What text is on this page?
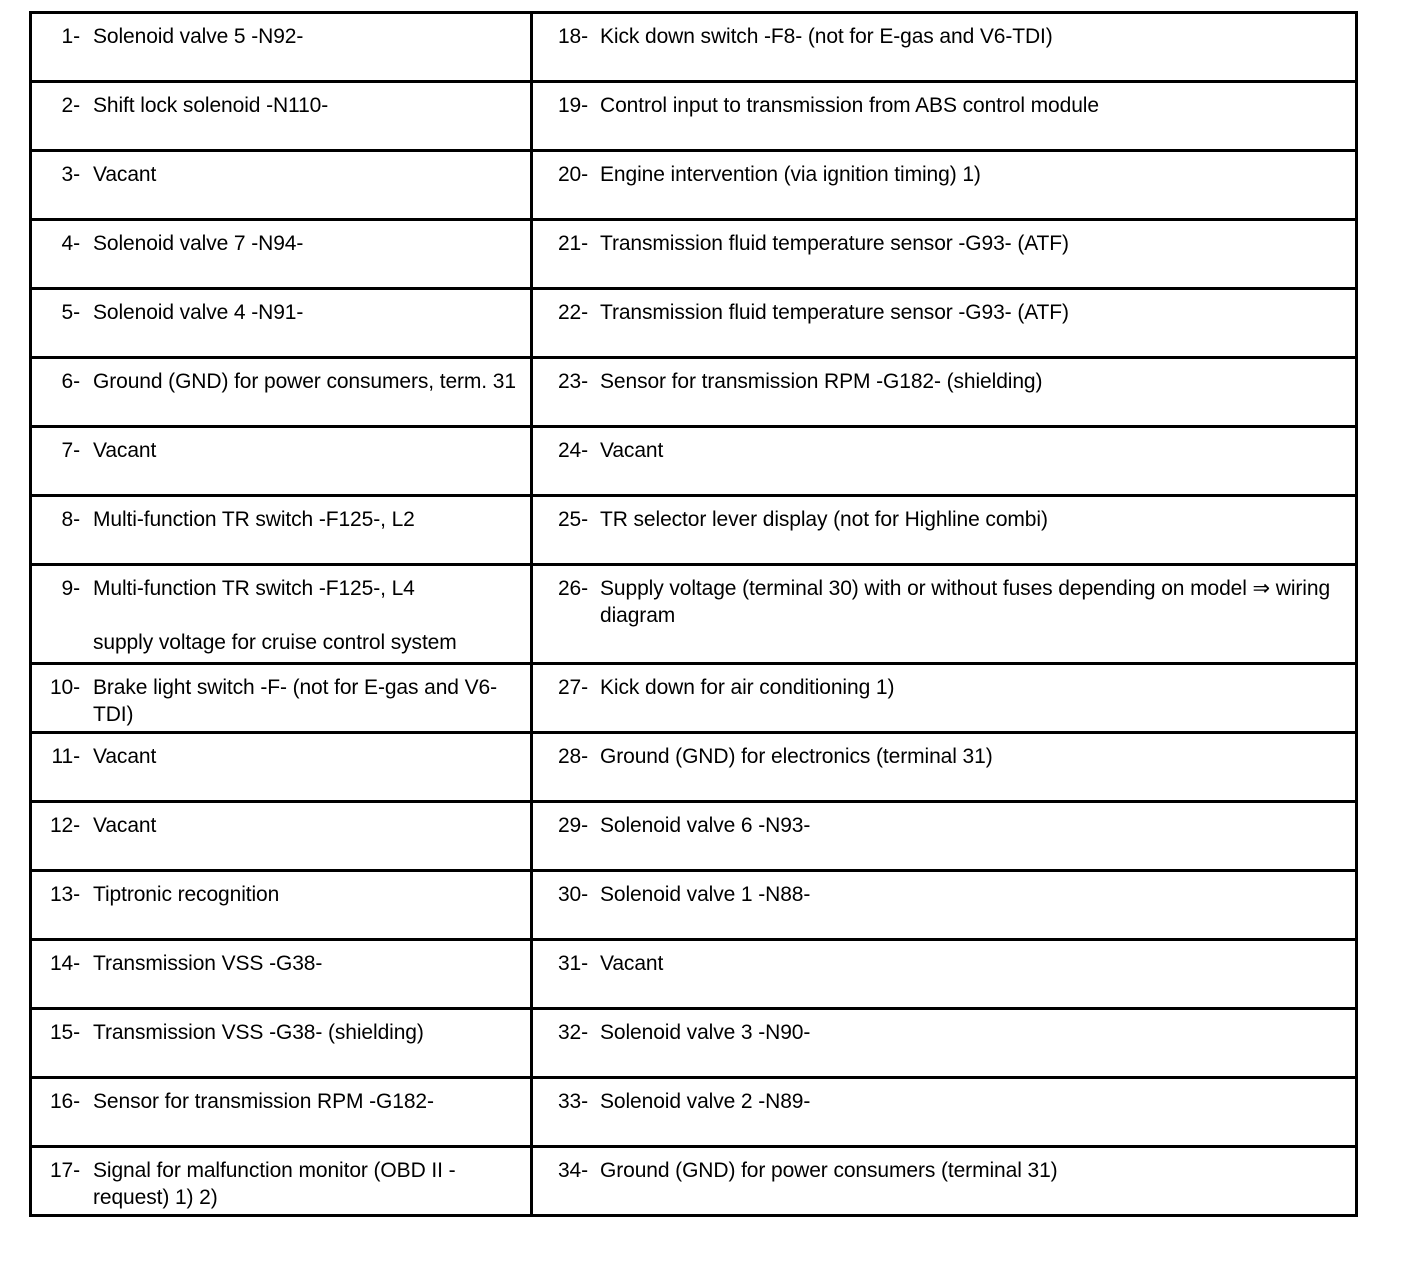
1- Solenoid valve 5 -N92-	18- Kick down switch -F8- (not for E-gas and V6-TDI)

2- Shift lock solenoid -N110-	19- Control input to transmission from ABS control module

3- Vacant	20- Engine intervention (via ignition timing) 1)

4- Solenoid valve 7 -N94-	21- Transmission fluid temperature sensor -G93- (ATF)

5- Solenoid valve 4 -N91-	22- Transmission fluid temperature sensor -G93- (ATF)

6- Ground (GND) for power consumers, term. 31	23- Sensor for transmission RPM -G182- (shielding)

7- Vacant	24- Vacant

8- Multi-function TR switch -F125-, L2	25- TR selector lever display (not for Highline combi)

9- Multi-function TR switch -F125-, L4
supply voltage for cruise control system	26- Supply voltage (terminal 30) with or without fuses depending on model ⇒ wiring diagram

10- Brake light switch -F- (not for E-gas and V6-TDI)	27- Kick down for air conditioning 1)

11- Vacant	28- Ground (GND) for electronics (terminal 31)

12- Vacant	29- Solenoid valve 6 -N93-

13- Tiptronic recognition	30- Solenoid valve 1 -N88-

14- Transmission VSS -G38-	31- Vacant

15- Transmission VSS -G38- (shielding)	32- Solenoid valve 3 -N90-

16- Sensor for transmission RPM -G182-	33- Solenoid valve 2 -N89-

17- Signal for malfunction monitor (OBD II - request) 1) 2)	34- Ground (GND) for power consumers (terminal 31)
